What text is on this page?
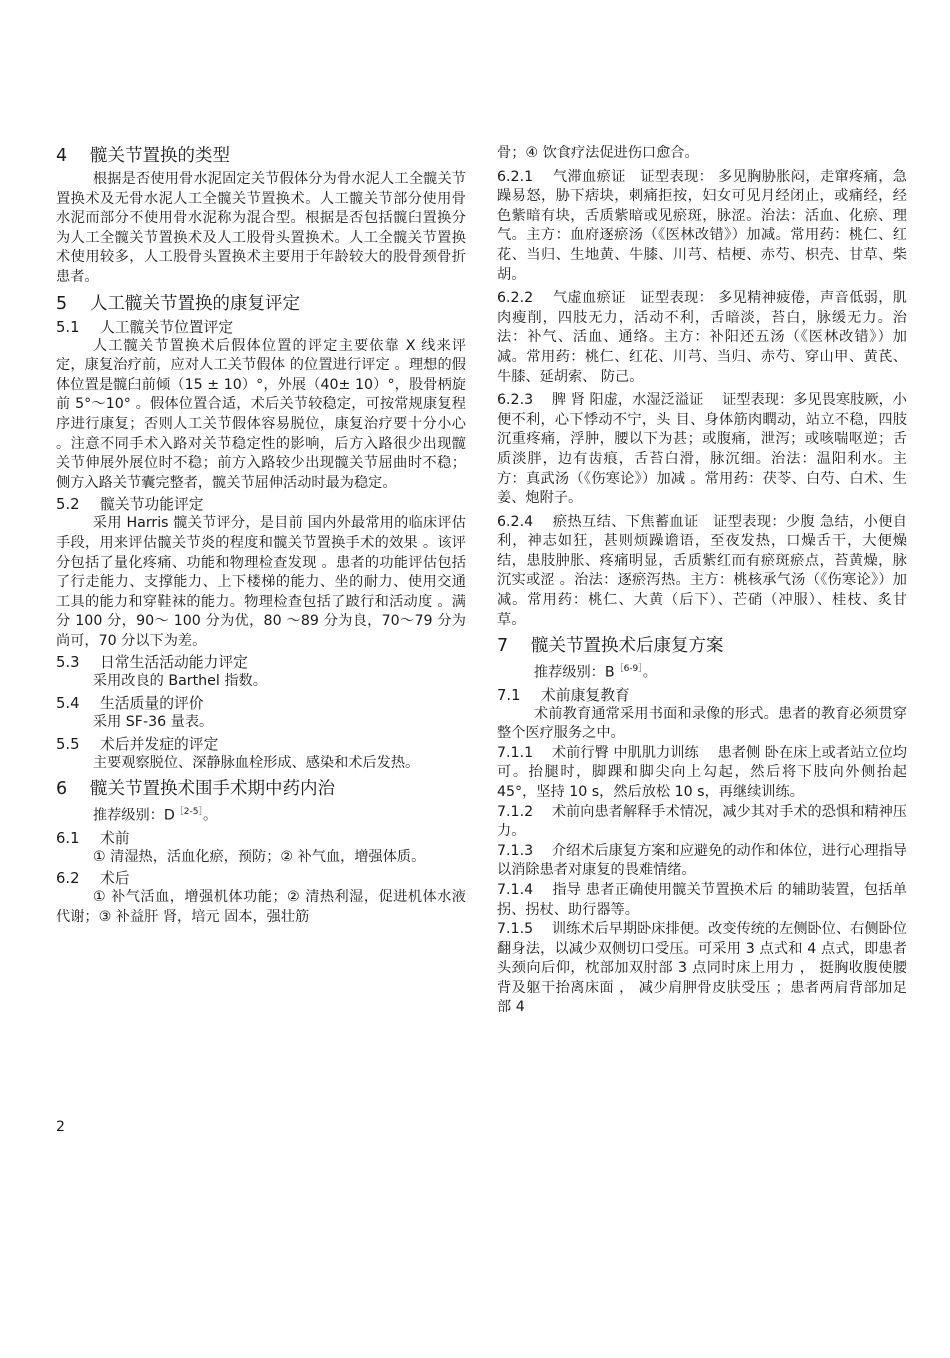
4 髋关节置换的类型

根据是否使用骨水泥固定关节假体分为骨水泥人工全髋关节置换术及无骨水泥人工全髋关节置换术。人工髋关节部分使用骨水泥而部分不使用骨水泥称为混合型。根据是否包括髋臼置换分为人工全髋关节置换术及人工股骨头置换术。人工全髋关节置换术使用较多，人工股骨头置换术主要用于年龄较大的股骨颈骨折患者。

5 人工髋关节置换的康复评定
5.1 人工髋关节位置评定

人工髋关节置换术后假体位置的评定主要依靠 X 线来评定，康复治疗前，应对人工关节假体 的位置进行评定 。理想的假体位置是髋臼前倾（15 ± 10）°，外展（40± 10）°，股骨柄旋前 5°～10° 。假体位置合适，术后关节较稳定，可按常规康复程序进行康复；否则人工关节假体容易脱位，康复治疗要十分小心 。注意不同手术入路对关节稳定性的影响，后方入路很少出现髋关节伸展外展位时不稳；前方入路较少出现髋关节屈曲时不稳；侧方入路关节囊完整者，髋关节屈伸活动时最为稳定。

5.2 髋关节功能评定

采用 Harris 髋关节评分，是目前 国内外最常用的临床评估手段，用来评估髋关节炎的程度和髋关节置换手术的效果 。该评分包括了量化疼痛、功能和物理检查发现 。患者的功能评估包括了行走能力、支撑能力、上下楼梯的能力、坐的耐力、使用交通工具的能力和穿鞋袜的能力。物理检查包括了跛行和活动度 。满分 100 分，90～ 100 分为优，80 ～89 分为良，70～79 分为尚可，70 分以下为差。

5.3 日常生活活动能力评定

采用改良的 Barthel 指数。

5.4 生活质量的评价

采用 SF-36 量表。

5.5 术后并发症的评定

主要观察脱位、深静脉血栓形成、感染和术后发热。

6 髋关节置换术围手术期中药内治

推荐级别：$D^{[2-5]}$。

6.1 术前

① 清湿热，活血化瘀，预防；② 补气血，增强体质。

6.2 术后

① 补气活血，增强机体功能；② 清热利湿，促进机体水液代谢；③ 补益肝 肾，培元 固本，强壮筋

骨；④ 饮食疗法促进伤口愈合。

6.2.1　 气滞血瘀证　证型表现： 多见胸胁胀闷，走窜疼痛，急躁易怒，胁下痞块，刺痛拒按，妇女可见月经闭止，或痛经，经色紫暗有块，舌质紫暗或见瘀斑，脉涩。治法：活血、化瘀、理气。主方：血府逐瘀汤（《医林改错》）加减。常用药：桃仁、红花、当归、生地黄、牛膝、川芎、桔梗、赤芍、枳壳、甘草、柴胡。

6.2.2　 气虚血瘀证　证型表现： 多见精神疲倦，声音低弱，肌肉瘦削，四肢无力，活动不利，舌暗淡，苔白，脉缓无力。治法：补气、活血、通络。主方：补阳还五汤（《医林改错》）加减。常用药：桃仁、红花、川芎、当归、赤芍、穿山甲、黄芪、牛膝、延胡索、 防己。

6.2.3　 脾 肾 阳虚，水湿泛溢证　 证型表现：多见畏寒肢厥，小便不利，心下悸动不宁，头 目、身体筋肉瞤动，站立不稳，四肢沉重疼痛，浮肿，腰以下为甚；或腹痛，泄泻；或咳喘呕逆；舌质淡胖，边有齿痕，舌苔白滑，脉沉细。治法：温阳利水。主方：真武汤（《伤寒论》）加减 。常用药：茯苓、白芍、白术、生姜、炮附子。

6.2.4　 瘀热互结、下焦蓄血证　证型表现：少腹 急结，小便自利，神志如狂，甚则烦躁谵语，至夜发热，口燥舌干，大便燥结，患肢肿胀、疼痛明显，舌质紫红而有瘀斑瘀点，苔黄燥，脉沉实或涩 。治法：逐瘀泻热。主方：桃核承气汤（《伤寒论》）加减。常用药：桃仁、大黄（后下）、芒硝（冲服）、桂枝、炙甘草。

7 髋关节置换术后康复方案

推荐级别：$B^{[6-9]}$。

7.1 术前康复教育

术前教育通常采用书面和录像的形式。患者的教育必须贯穿整个医疗服务之中。

7.1.1　 术前行臀 中肌肌力训练　 患者侧 卧在床上或者站立位均可。抬腿时，脚踝和脚尖向上勾起，然后将下肢向外侧抬起 45°，坚持 10 s，然后放松 10 s，再继续训练。

7.1.2　 术前向患者解释手术情况，减少其对手术的恐惧和精神压力。

7.1.3　 介绍术后康复方案和应避免的动作和体位，进行心理指导以消除患者对康复的畏难情绪。

7.1.4　 指导 患者正确使用髋关节置换术后 的辅助装置，包括单拐、拐杖、助行器等。

7.1.5　 训练术后早期卧床排便。改变传统的左侧卧位、右侧卧位翻身法，以减少双侧切口受压。可采用 3 点式和 4 点式，即患者头颈向后仰，枕部加双肘部 3 点同时床上用力 ， 挺胸收腹使腰背及躯干抬离床面 ， 减少肩胛骨皮肤受压 ；患者两肩背部加足部 4

2
